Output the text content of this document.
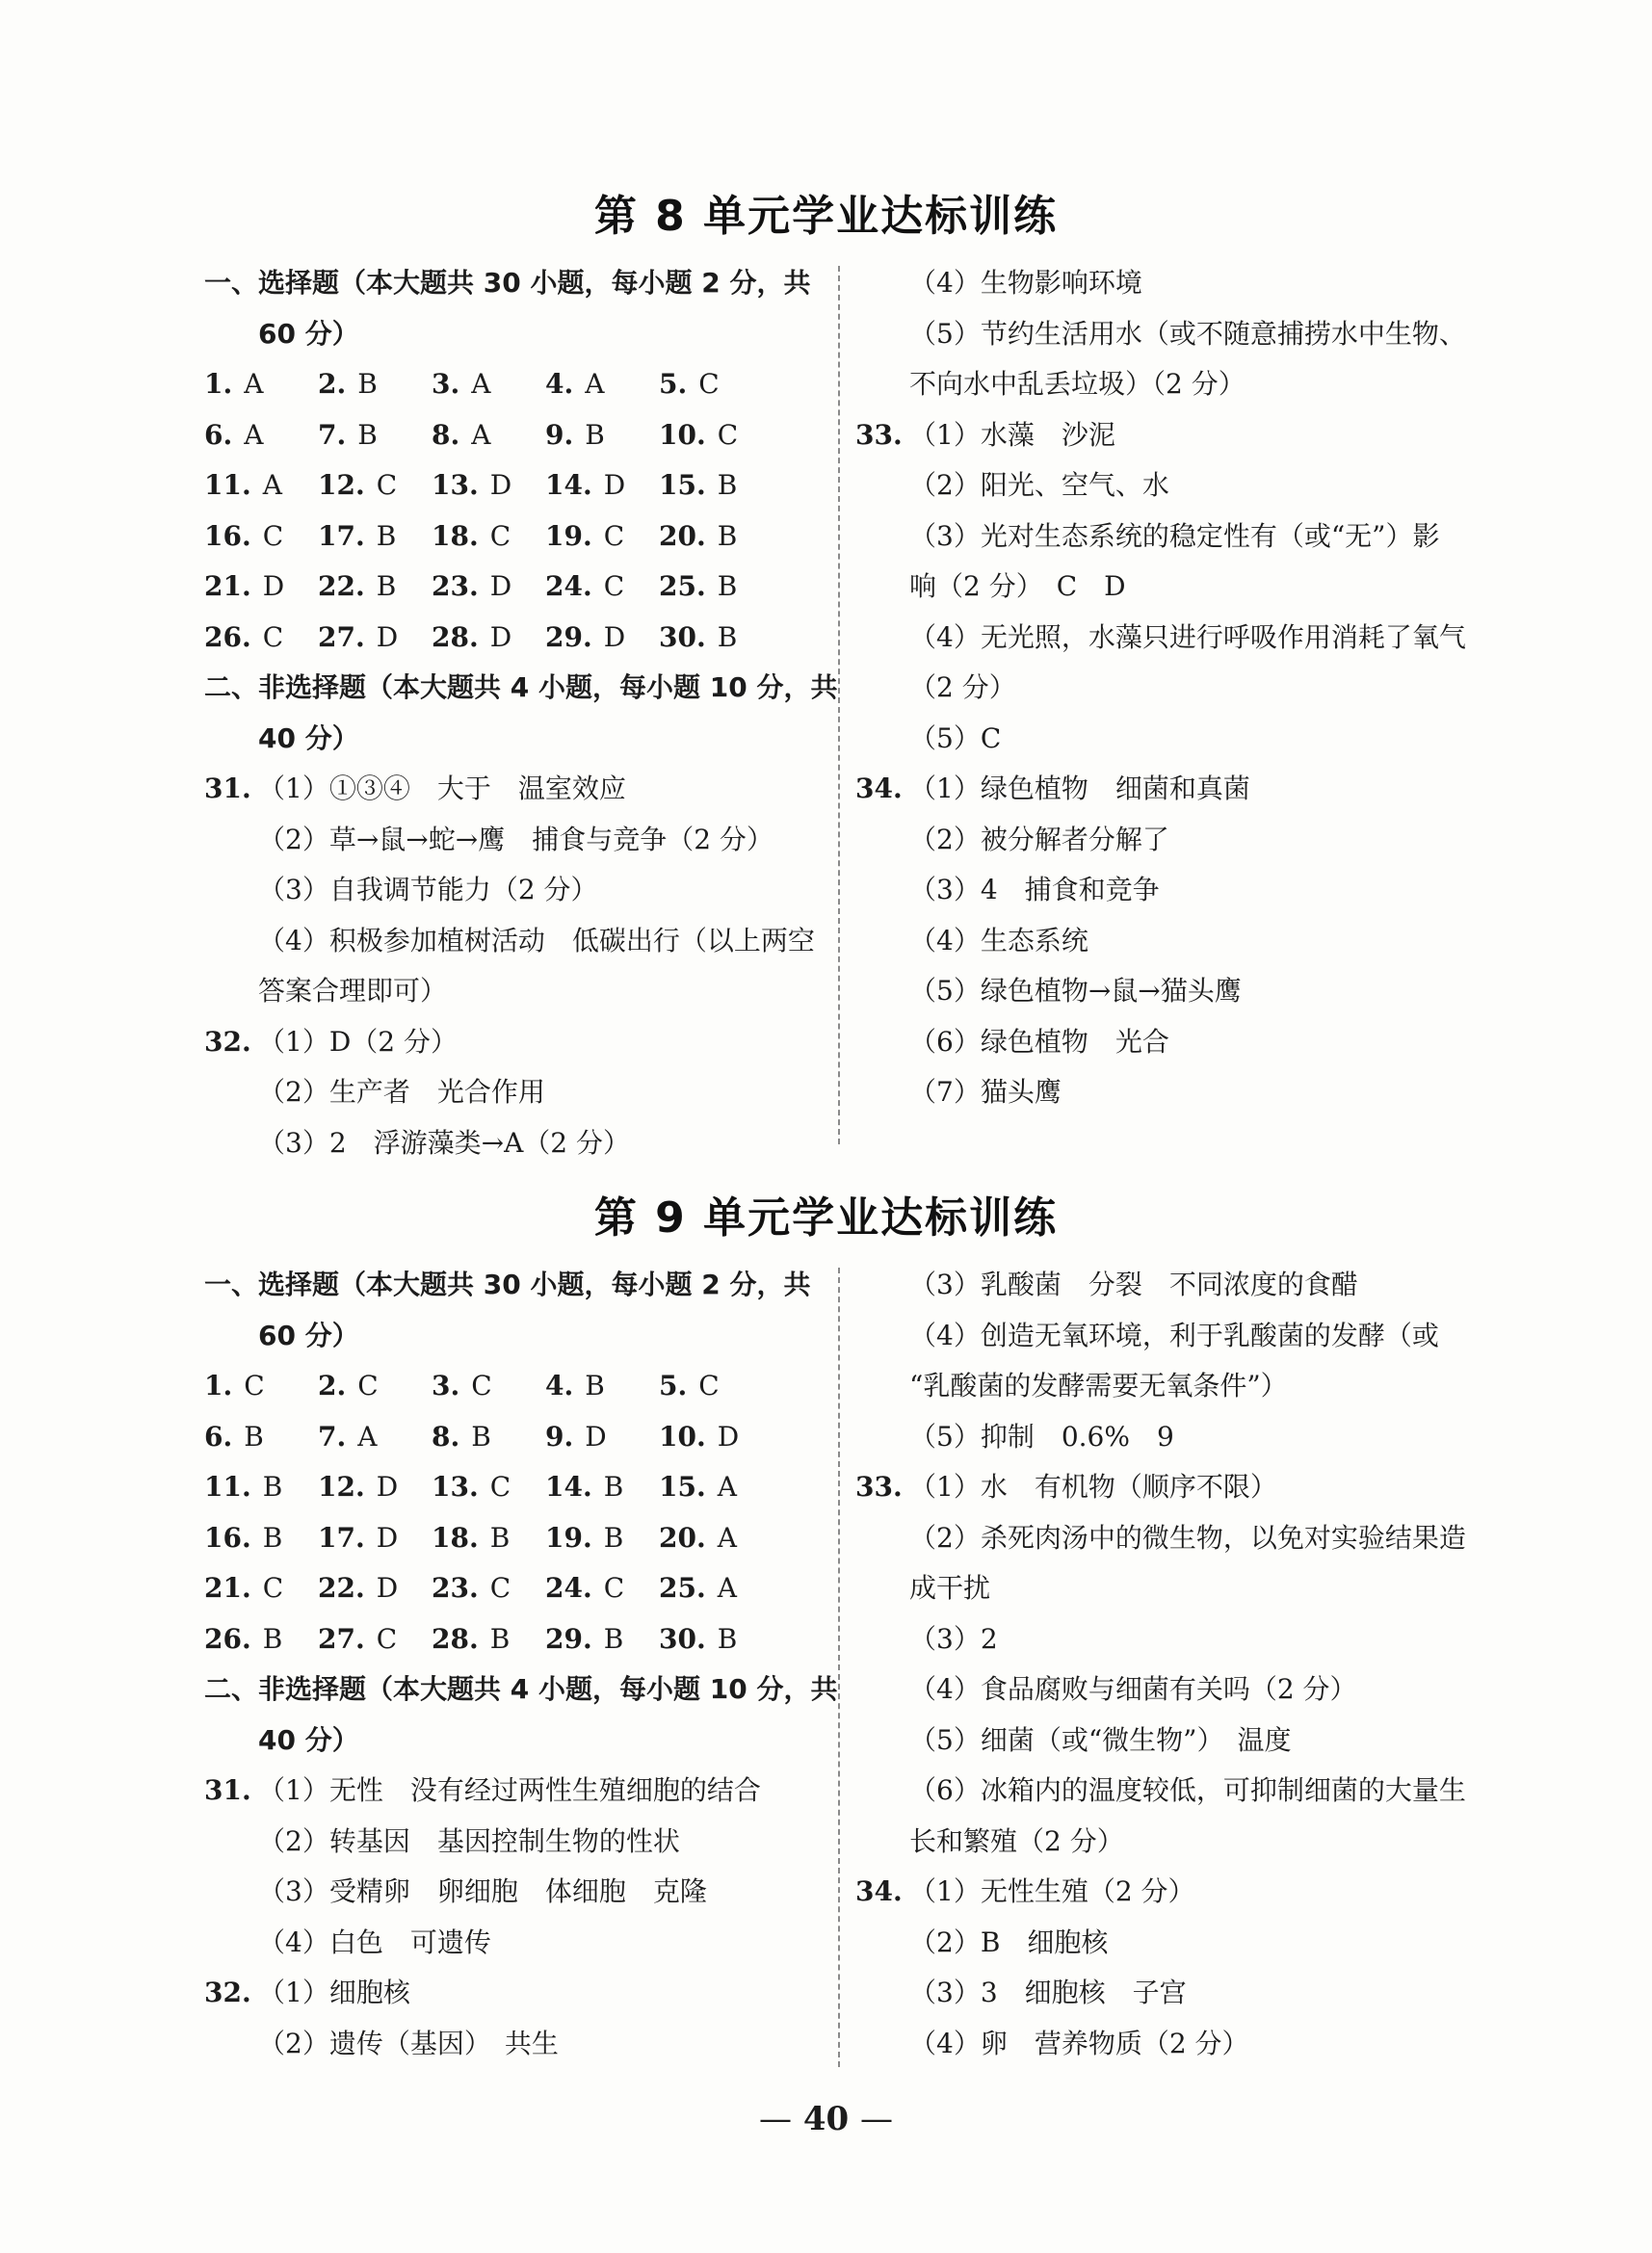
第 8 单元学业达标训练
一、选择题（本大题共 30 小题，每小题 2 分，共
60 分）
1. A	2. B	3. A	4. A	5. C
6. A	7. B	8. A	9. B	10. C
11. A	12. C	13. D	14. D	15. B
16. C	17. B	18. C	19. C	20. B
21. D	22. B	23. D	24. C	25. B
26. C	27. D	28. D	29. D	30. B
二、非选择题（本大题共 4 小题，每小题 10 分，共
40 分）
31. （1）①③④　大于　温室效应
（2）草→鼠→蛇→鹰　捕食与竞争（2 分）
（3）自我调节能力（2 分）
（4）积极参加植树活动　低碳出行（以上两空
答案合理即可）
32. （1）D（2 分）
（2）生产者　光合作用
（3）2　浮游藻类→A（2 分）
（4）生物影响环境
（5）节约生活用水（或不随意捕捞水中生物、
不向水中乱丢垃圾）（2 分）
33. （1）水藻　沙泥
（2）阳光、空气、水
（3）光对生态系统的稳定性有（或“无”）影
响（2 分）　C　D
（4）无光照，水藻只进行呼吸作用消耗了氧气
（2 分）
（5）C
34. （1）绿色植物　细菌和真菌
（2）被分解者分解了
（3）4　捕食和竞争
（4）生态系统
（5）绿色植物→鼠→猫头鹰
（6）绿色植物　光合
（7）猫头鹰
第 9 单元学业达标训练
一、选择题（本大题共 30 小题，每小题 2 分，共
60 分）
1. C	2. C	3. C	4. B	5. C
6. B	7. A	8. B	9. D	10. D
11. B	12. D	13. C	14. B	15. A
16. B	17. D	18. B	19. B	20. A
21. C	22. D	23. C	24. C	25. A
26. B	27. C	28. B	29. B	30. B
二、非选择题（本大题共 4 小题，每小题 10 分，共
40 分）
31. （1）无性　没有经过两性生殖细胞的结合
（2）转基因　基因控制生物的性状
（3）受精卵　卵细胞　体细胞　克隆
（4）白色　可遗传
32. （1）细胞核
（2）遗传（基因）　共生
（3）乳酸菌　分裂　不同浓度的食醋
（4）创造无氧环境，利于乳酸菌的发酵（或
“乳酸菌的发酵需要无氧条件”）
（5）抑制　0.6%　9
33. （1）水　有机物（顺序不限）
（2）杀死肉汤中的微生物，以免对实验结果造
成干扰
（3）2
（4）食品腐败与细菌有关吗（2 分）
（5）细菌（或“微生物”）　温度
（6）冰箱内的温度较低，可抑制细菌的大量生
长和繁殖（2 分）
34. （1）无性生殖（2 分）
（2）B　细胞核
（3）3　细胞核　子宫
（4）卵　营养物质（2 分）
— 40 —
